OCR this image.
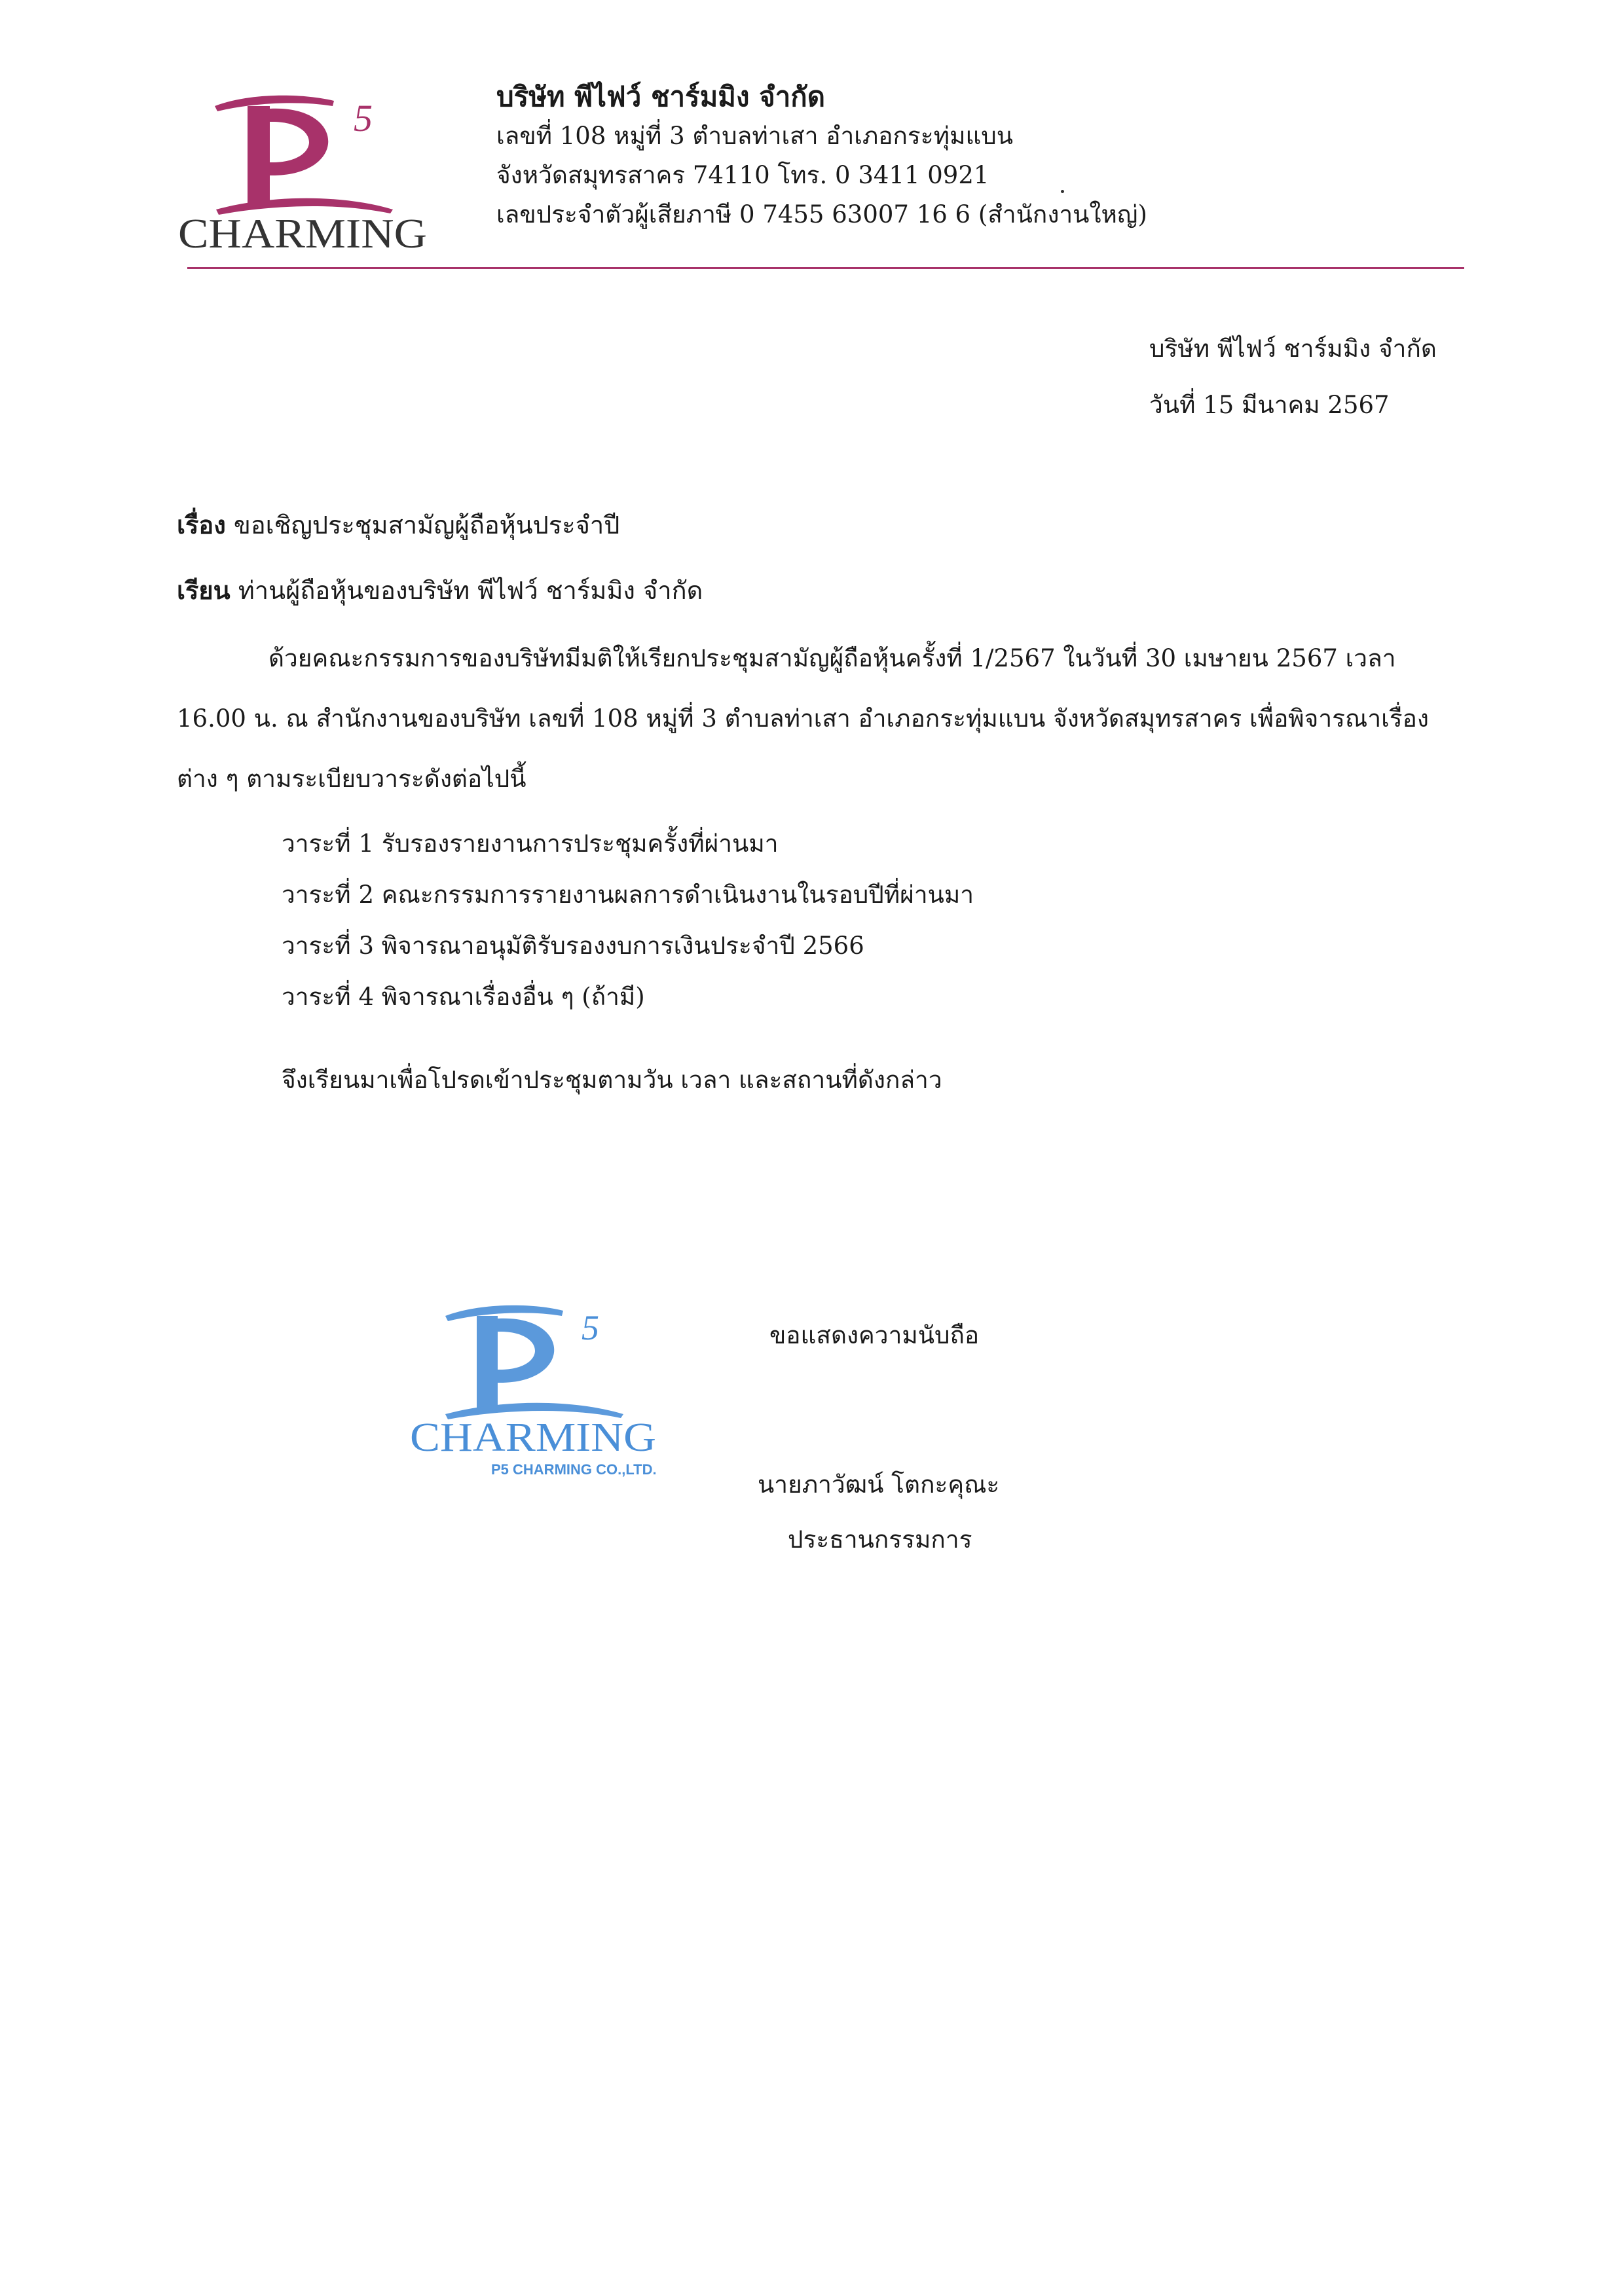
5
CHARMING
บริษัท พีไฟว์ ชาร์มมิง จำกัด
เลขที่ 108 หมู่ที่ 3 ตำบลท่าเสา อำเภอกระทุ่มแบน
จังหวัดสมุทรสาคร 74110 โทร. 0 3411 0921
เลขประจำตัวผู้เสียภาษี 0 7455 63007 16 6 (สำนักงานใหญ่)
บริษัท พีไฟว์ ชาร์มมิง จำกัด
วันที่ 15 มีนาคม 2567
เรื่อง ขอเชิญประชุมสามัญผู้ถือหุ้นประจำปี
เรียน ท่านผู้ถือหุ้นของบริษัท พีไฟว์ ชาร์มมิง จำกัด
ด้วยคณะกรรมการของบริษัทมีมติให้เรียกประชุมสามัญผู้ถือหุ้นครั้งที่ 1/2567 ในวันที่ 30 เมษายน 2567 เวลา 16.00 น. ณ สำนักงานของบริษัท เลขที่ 108 หมู่ที่ 3 ตำบลท่าเสา อำเภอกระทุ่มแบน จังหวัดสมุทรสาคร เพื่อพิจารณาเรื่องต่าง ๆ ตามระเบียบวาระดังต่อไปนี้
วาระที่ 1 รับรองรายงานการประชุมครั้งที่ผ่านมา
วาระที่ 2 คณะกรรมการรายงานผลการดำเนินงานในรอบปีที่ผ่านมา
วาระที่ 3 พิจารณาอนุมัติรับรองงบการเงินประจำปี 2566
วาระที่ 4 พิจารณาเรื่องอื่น ๆ (ถ้ามี)
จึงเรียนมาเพื่อโปรดเข้าประชุมตามวัน เวลา และสถานที่ดังกล่าว
5
CHARMING
P5 CHARMING CO.,LTD.
ขอแสดงความนับถือ
นายภาวัฒน์ โตกะคุณะ
ประธานกรรมการ
